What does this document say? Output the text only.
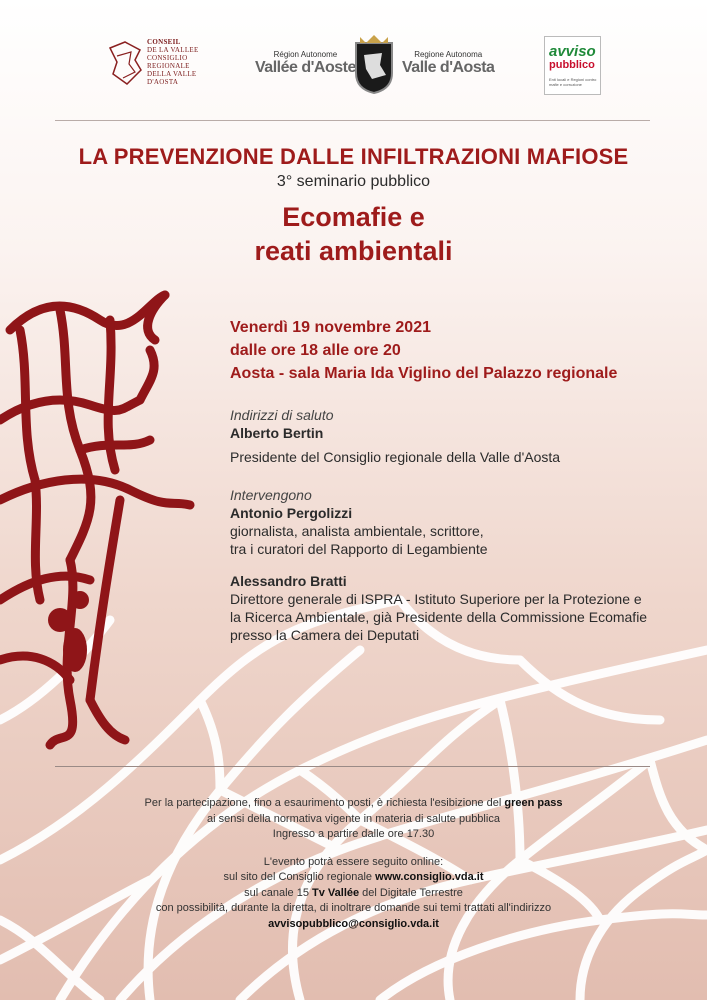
CONSEIL
DE LA VALLEE
CONSIGLIO
REGIONALE
DELLA VALLE
D'AOSTA
Région Autonome
Vallée d'Aoste
Regione Autonoma
Valle d'Aosta
avviso
pubblico
Enti locali e Regioni contro mafie e corruzione
LA PREVENZIONE DALLE INFILTRAZIONI MAFIOSE
3° seminario pubblico
Ecomafie e
reati ambientali
Venerdì 19 novembre 2021
dalle ore 18 alle ore 20
Aosta - sala Maria Ida Viglino del Palazzo regionale
Indirizzi di saluto
Alberto Bertin
Presidente del Consiglio regionale della Valle d'Aosta
Intervengono
Antonio Pergolizzi
giornalista, analista ambientale, scrittore,
tra i curatori del Rapporto di Legambiente
Alessandro Bratti
Direttore generale di ISPRA - Istituto Superiore per la Protezione e
la Ricerca Ambientale, già Presidente della Commissione Ecomafie
presso la Camera dei Deputati
Per la partecipazione, fino a esaurimento posti, è richiesta l'esibizione del green pass
ai sensi della normativa vigente in materia di salute pubblica
Ingresso a partire dalle ore 17.30
L'evento potrà essere seguito online:
sul sito del Consiglio regionale www.consiglio.vda.it
sul canale 15 Tv Vallée del Digitale Terrestre
con possibilità, durante la diretta, di inoltrare domande sui temi trattati all'indirizzo
avvisopubblico@consiglio.vda.it
